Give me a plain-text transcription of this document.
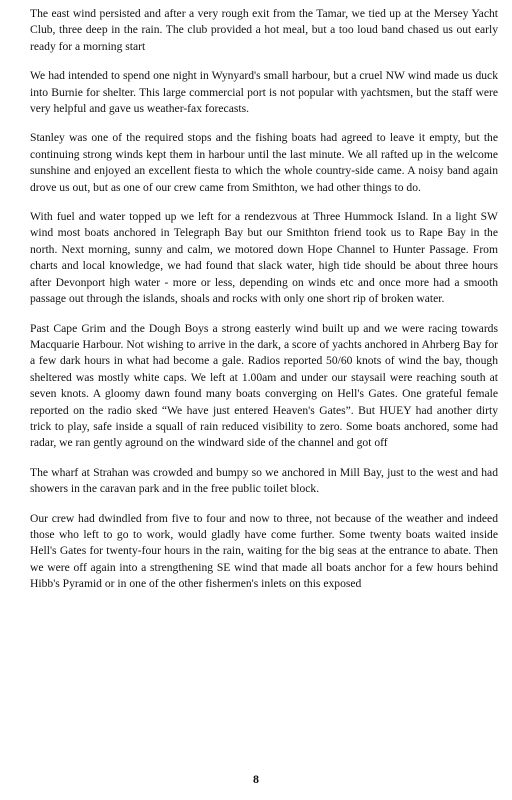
The east wind persisted and after a very rough exit from the Tamar, we tied up at the Mersey Yacht Club, three deep in the rain. The club provided a hot meal, but a too loud band chased us out early ready for a morning start

We had intended to spend one night in Wynyard's small harbour, but a cruel NW wind made us duck into Burnie for shelter. This large commercial port is not popular with yachtsmen, but the staff were very helpful and gave us weather-fax forecasts.

Stanley was one of the required stops and the fishing boats had agreed to leave it empty, but the continuing strong winds kept them in harbour until the last minute. We all rafted up in the welcome sunshine and enjoyed an excellent fiesta to which the whole country-side came. A noisy band again drove us out, but as one of our crew came from Smithton, we had other things to do.

With fuel and water topped up we left for a rendezvous at Three Hummock Island. In a light SW wind most boats anchored in Telegraph Bay but our Smithton friend took us to Rape Bay in the north. Next morning, sunny and calm, we motored down Hope Channel to Hunter Passage. From charts and local knowledge, we had found that slack water, high tide should be about three hours after Devonport high water - more or less, depending on winds etc and once more had a smooth passage out through the islands, shoals and rocks with only one short rip of broken water.

Past Cape Grim and the Dough Boys a strong easterly wind built up and we were racing towards Macquarie Harbour. Not wishing to arrive in the dark, a score of yachts anchored in Ahrberg Bay for a few dark hours in what had become a gale. Radios reported 50/60 knots of wind the bay, though sheltered was mostly white caps. We left at 1.00am and under our staysail were reaching south at seven knots. A gloomy dawn found many boats converging on Hell's Gates. One grateful female reported on the radio sked “We have just entered Heaven's Gates”. But HUEY had another dirty trick to play, safe inside a squall of rain reduced visibility to zero. Some boats anchored, some had radar, we ran gently aground on the windward side of the channel and got off

The wharf at Strahan was crowded and bumpy so we anchored in Mill Bay, just to the west and had showers in the caravan park and in the free public toilet block.

Our crew had dwindled from five to four and now to three, not because of the weather and indeed those who left to go to work, would gladly have come further. Some twenty boats waited inside Hell's Gates for twenty-four hours in the rain, waiting for the big seas at the entrance to abate. Then we were off again into a strengthening SE wind that made all boats anchor for a few hours behind Hibb's Pyramid or in one of the other fishermen's inlets on this exposed

8
